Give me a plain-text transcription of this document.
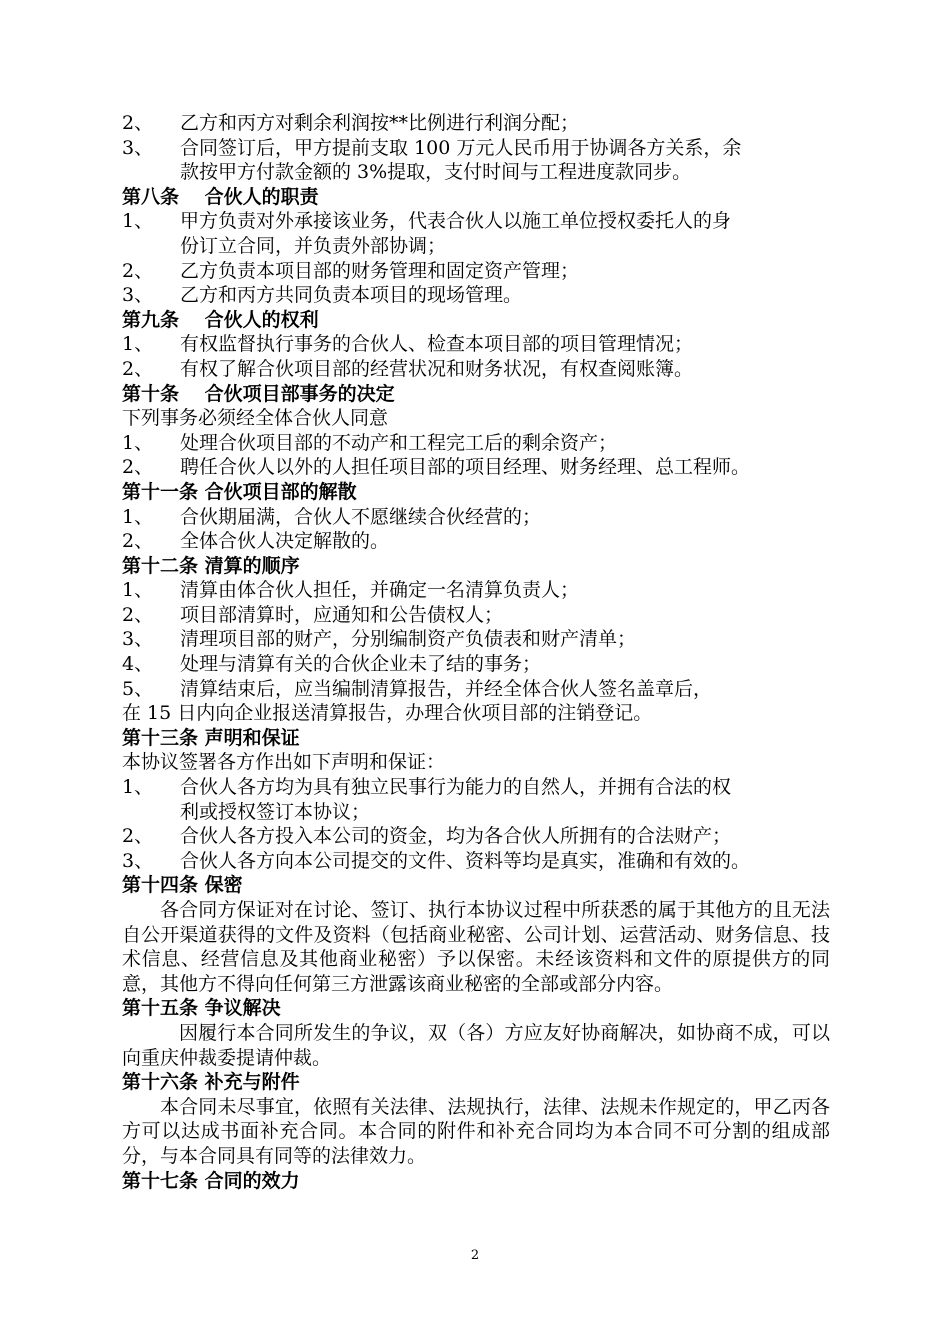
2、 乙方和丙方对剩余利润按**比例进行利润分配；
3、 合同签订后，甲方提前支取 100 万元人民币用于协调各方关系，余
款按甲方付款金额的 3%提取，支付时间与工程进度款同步。
第八条　 合伙人的职责
1、 甲方负责对外承接该业务，代表合伙人以施工单位授权委托人的身
份订立合同，并负责外部协调；
2、 乙方负责本项目部的财务管理和固定资产管理；
3、 乙方和丙方共同负责本项目的现场管理。
第九条　 合伙人的权利
1、 有权监督执行事务的合伙人、检查本项目部的项目管理情况；
2、 有权了解合伙项目部的经营状况和财务状况，有权查阅账簿。
第十条　 合伙项目部事务的决定
下列事务必须经全体合伙人同意
1、 处理合伙项目部的不动产和工程完工后的剩余资产；
2、 聘任合伙人以外的人担任项目部的项目经理、财务经理、总工程师。
第十一条 合伙项目部的解散
1、 合伙期届满，合伙人不愿继续合伙经营的；
2、 全体合伙人决定解散的。
第十二条 清算的顺序
1、 清算由体合伙人担任，并确定一名清算负责人；
2、 项目部清算时，应通知和公告债权人；
3、 清理项目部的财产，分别编制资产负债表和财产清单；
4、 处理与清算有关的合伙企业未了结的事务；
5、 清算结束后，应当编制清算报告，并经全体合伙人签名盖章后，
在 15 日内向企业报送清算报告，办理合伙项目部的注销登记。
第十三条 声明和保证
本协议签署各方作出如下声明和保证：
1、 合伙人各方均为具有独立民事行为能力的自然人，并拥有合法的权
利或授权签订本协议；
2、 合伙人各方投入本公司的资金，均为各合伙人所拥有的合法财产；
3、 合伙人各方向本公司提交的文件、资料等均是真实，准确和有效的。
第十四条 保密

各合同方保证对在讨论、签订、执行本协议过程中所获悉的属于其他方的且无法自公开渠道获得的文件及资料（包括商业秘密、公司计划、运营活动、财务信息、技术信息、经营信息及其他商业秘密）予以保密。未经该资料和文件的原提供方的同意，其他方不得向任何第三方泄露该商业秘密的全部或部分内容。

第十五条 争议解决

因履行本合同所发生的争议，双（各）方应友好协商解决，如协商不成，可以向重庆仲裁委提请仲裁。

第十六条 补充与附件

本合同未尽事宜，依照有关法律、法规执行，法律、法规未作规定的，甲乙丙各方可以达成书面补充合同。本合同的附件和补充合同均为本合同不可分割的组成部分，与本合同具有同等的法律效力。

第十七条 合同的效力
2
